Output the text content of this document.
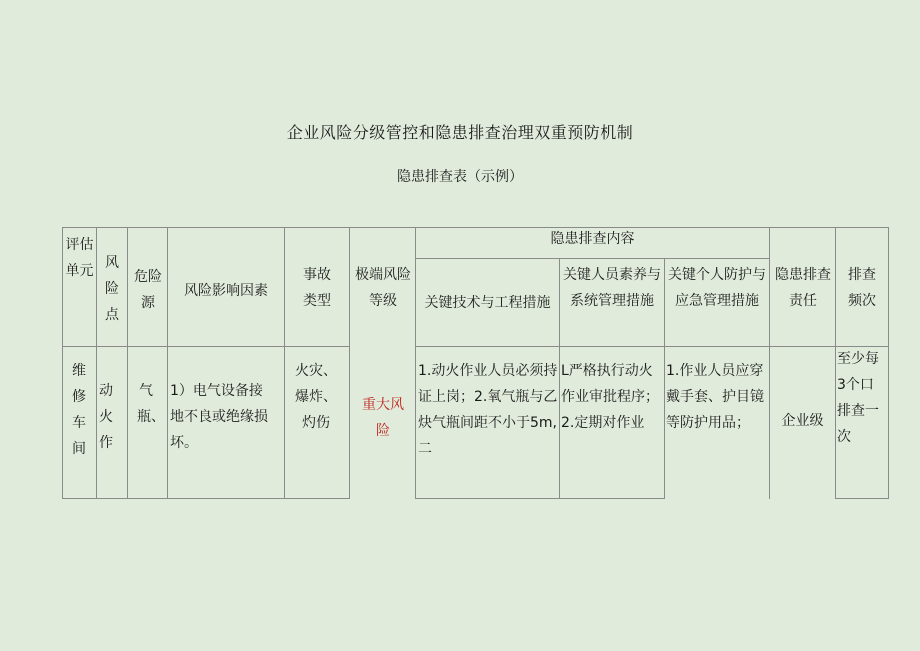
企业风险分级管控和隐患排查治理双重预防机制
隐患排查表（示例）
评估单元 风险点
危险源
风险影响因素
事故类型
极端风险等级
隐患排查内容
关键技术与工程措施
关键人员素养与系统管理措施
关键个人防护与应急管理措施
隐患排查责任
排查频次
维修车间
动火作
气瓶、
1）电气设备接地不良或绝缘损坏。
火灾、爆炸、灼伤
重大风险
1.动火作业人员必须持证上岗；2.氧气瓶与乙炔气瓶间距不小于5m,二
L严格执行动火作业审批程序；2.定期对作业
1.作业人员应穿戴手套、护目镜等防护用品；	企业级
至少每3个口排查一次
